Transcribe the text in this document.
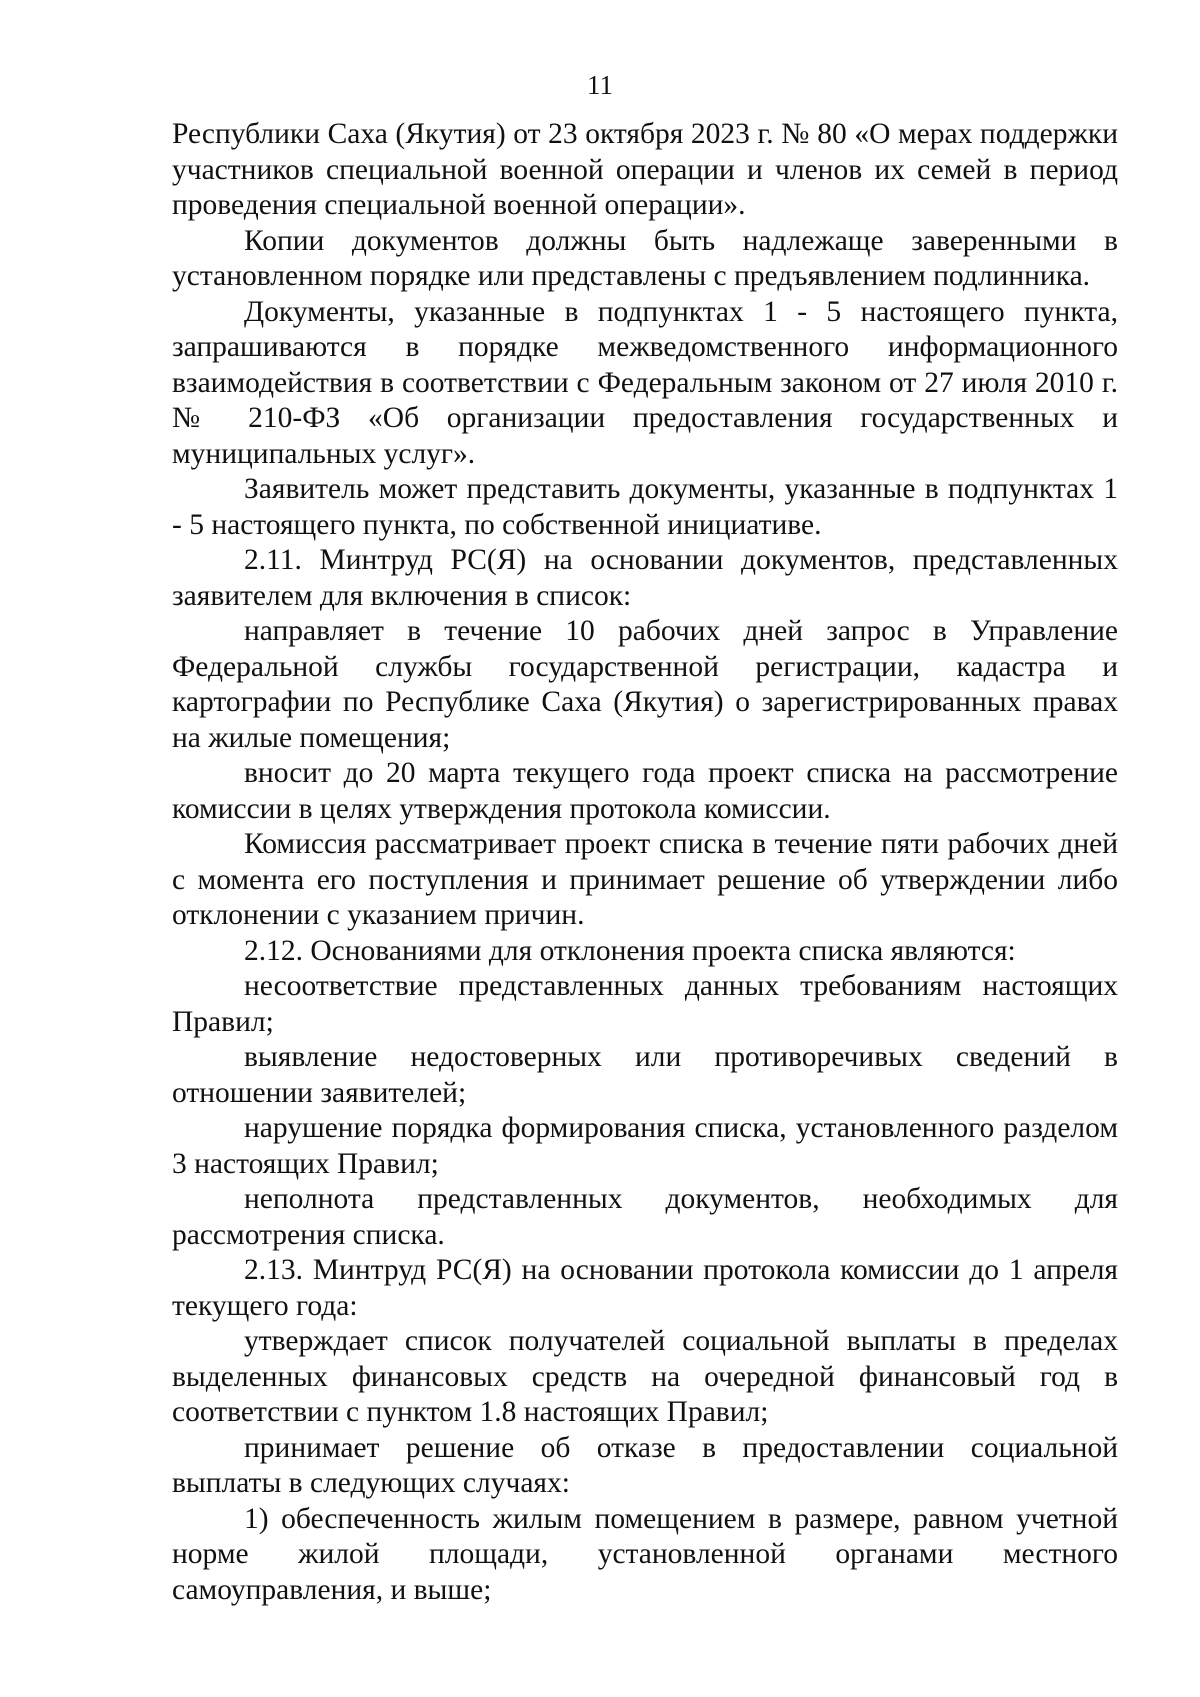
11

Республики Саха (Якутия) от 23 октября 2023 г. № 80 «О мерах поддержки участников специальной военной операции и членов их семей в период проведения специальной военной операции».

Копии документов должны быть надлежаще заверенными в установленном порядке или представлены с предъявлением подлинника.

Документы, указанные в подпунктах 1 - 5 настоящего пункта, запрашиваются в порядке межведомственного информационного взаимодействия в соответствии с Федеральным законом от 27 июля 2010 г. № 210-ФЗ «Об организации предоставления государственных и муниципальных услуг».

Заявитель может представить документы, указанные в подпунктах 1 - 5 настоящего пункта, по собственной инициативе.

2.11. Минтруд РС(Я) на основании документов, представленных заявителем для включения в список:

направляет в течение 10 рабочих дней запрос в Управление Федеральной службы государственной регистрации, кадастра и картографии по Республике Саха (Якутия) о зарегистрированных правах на жилые помещения;

вносит до 20 марта текущего года проект списка на рассмотрение комиссии в целях утверждения протокола комиссии.

Комиссия рассматривает проект списка в течение пяти рабочих дней с момента его поступления и принимает решение об утверждении либо отклонении с указанием причин.

2.12. Основаниями для отклонения проекта списка являются:

несоответствие представленных данных требованиям настоящих Правил;

выявление недостоверных или противоречивых сведений в отношении заявителей;

нарушение порядка формирования списка, установленного разделом 3 настоящих Правил;

неполнота представленных документов, необходимых для рассмотрения списка.

2.13. Минтруд РС(Я) на основании протокола комиссии до 1 апреля текущего года:

утверждает список получателей социальной выплаты в пределах выделенных финансовых средств на очередной финансовый год в соответствии с пунктом 1.8 настоящих Правил;

принимает решение об отказе в предоставлении социальной выплаты в следующих случаях:

1) обеспеченность жилым помещением в размере, равном учетной норме жилой площади, установленной органами местного самоуправления, и выше;
